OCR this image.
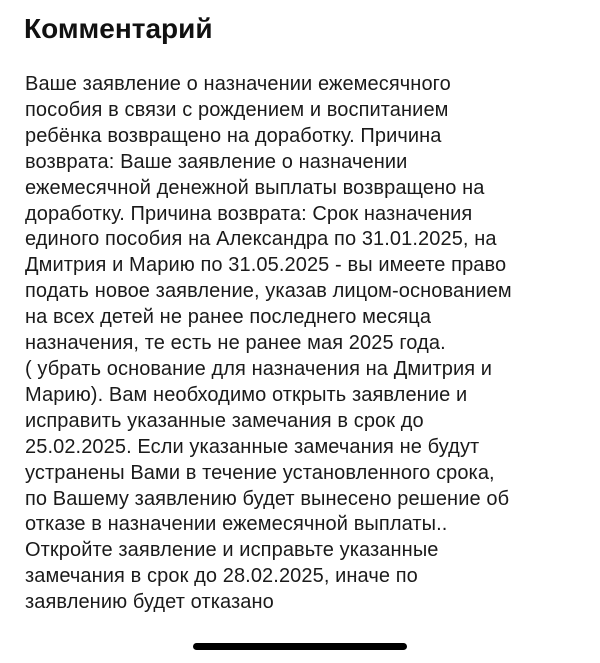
Комментарий
Ваше заявление о назначении ежемесячного
пособия в связи с рождением и воспитанием
ребёнка возвращено на доработку. Причина
возврата: Ваше заявление о назначении
ежемесячной денежной выплаты возвращено на
доработку. Причина возврата: Срок назначения
единого пособия на Александра по 31.01.2025, на
Дмитрия и Марию по 31.05.2025 - вы имеете право
подать новое заявление, указав лицом-основанием
на всех детей не ранее последнего месяца
назначения, те есть не ранее мая 2025 года.
( убрать основание для назначения на Дмитрия и
Марию). Вам необходимо открыть заявление и
исправить указанные замечания в срок до
25.02.2025. Если указанные замечания не будут
устранены Вами в течение установленного срока,
по Вашему заявлению будет вынесено решение об
отказе в назначении ежемесячной выплаты..
Откройте заявление и исправьте указанные
замечания в срок до 28.02.2025, иначе по
заявлению будет отказано
